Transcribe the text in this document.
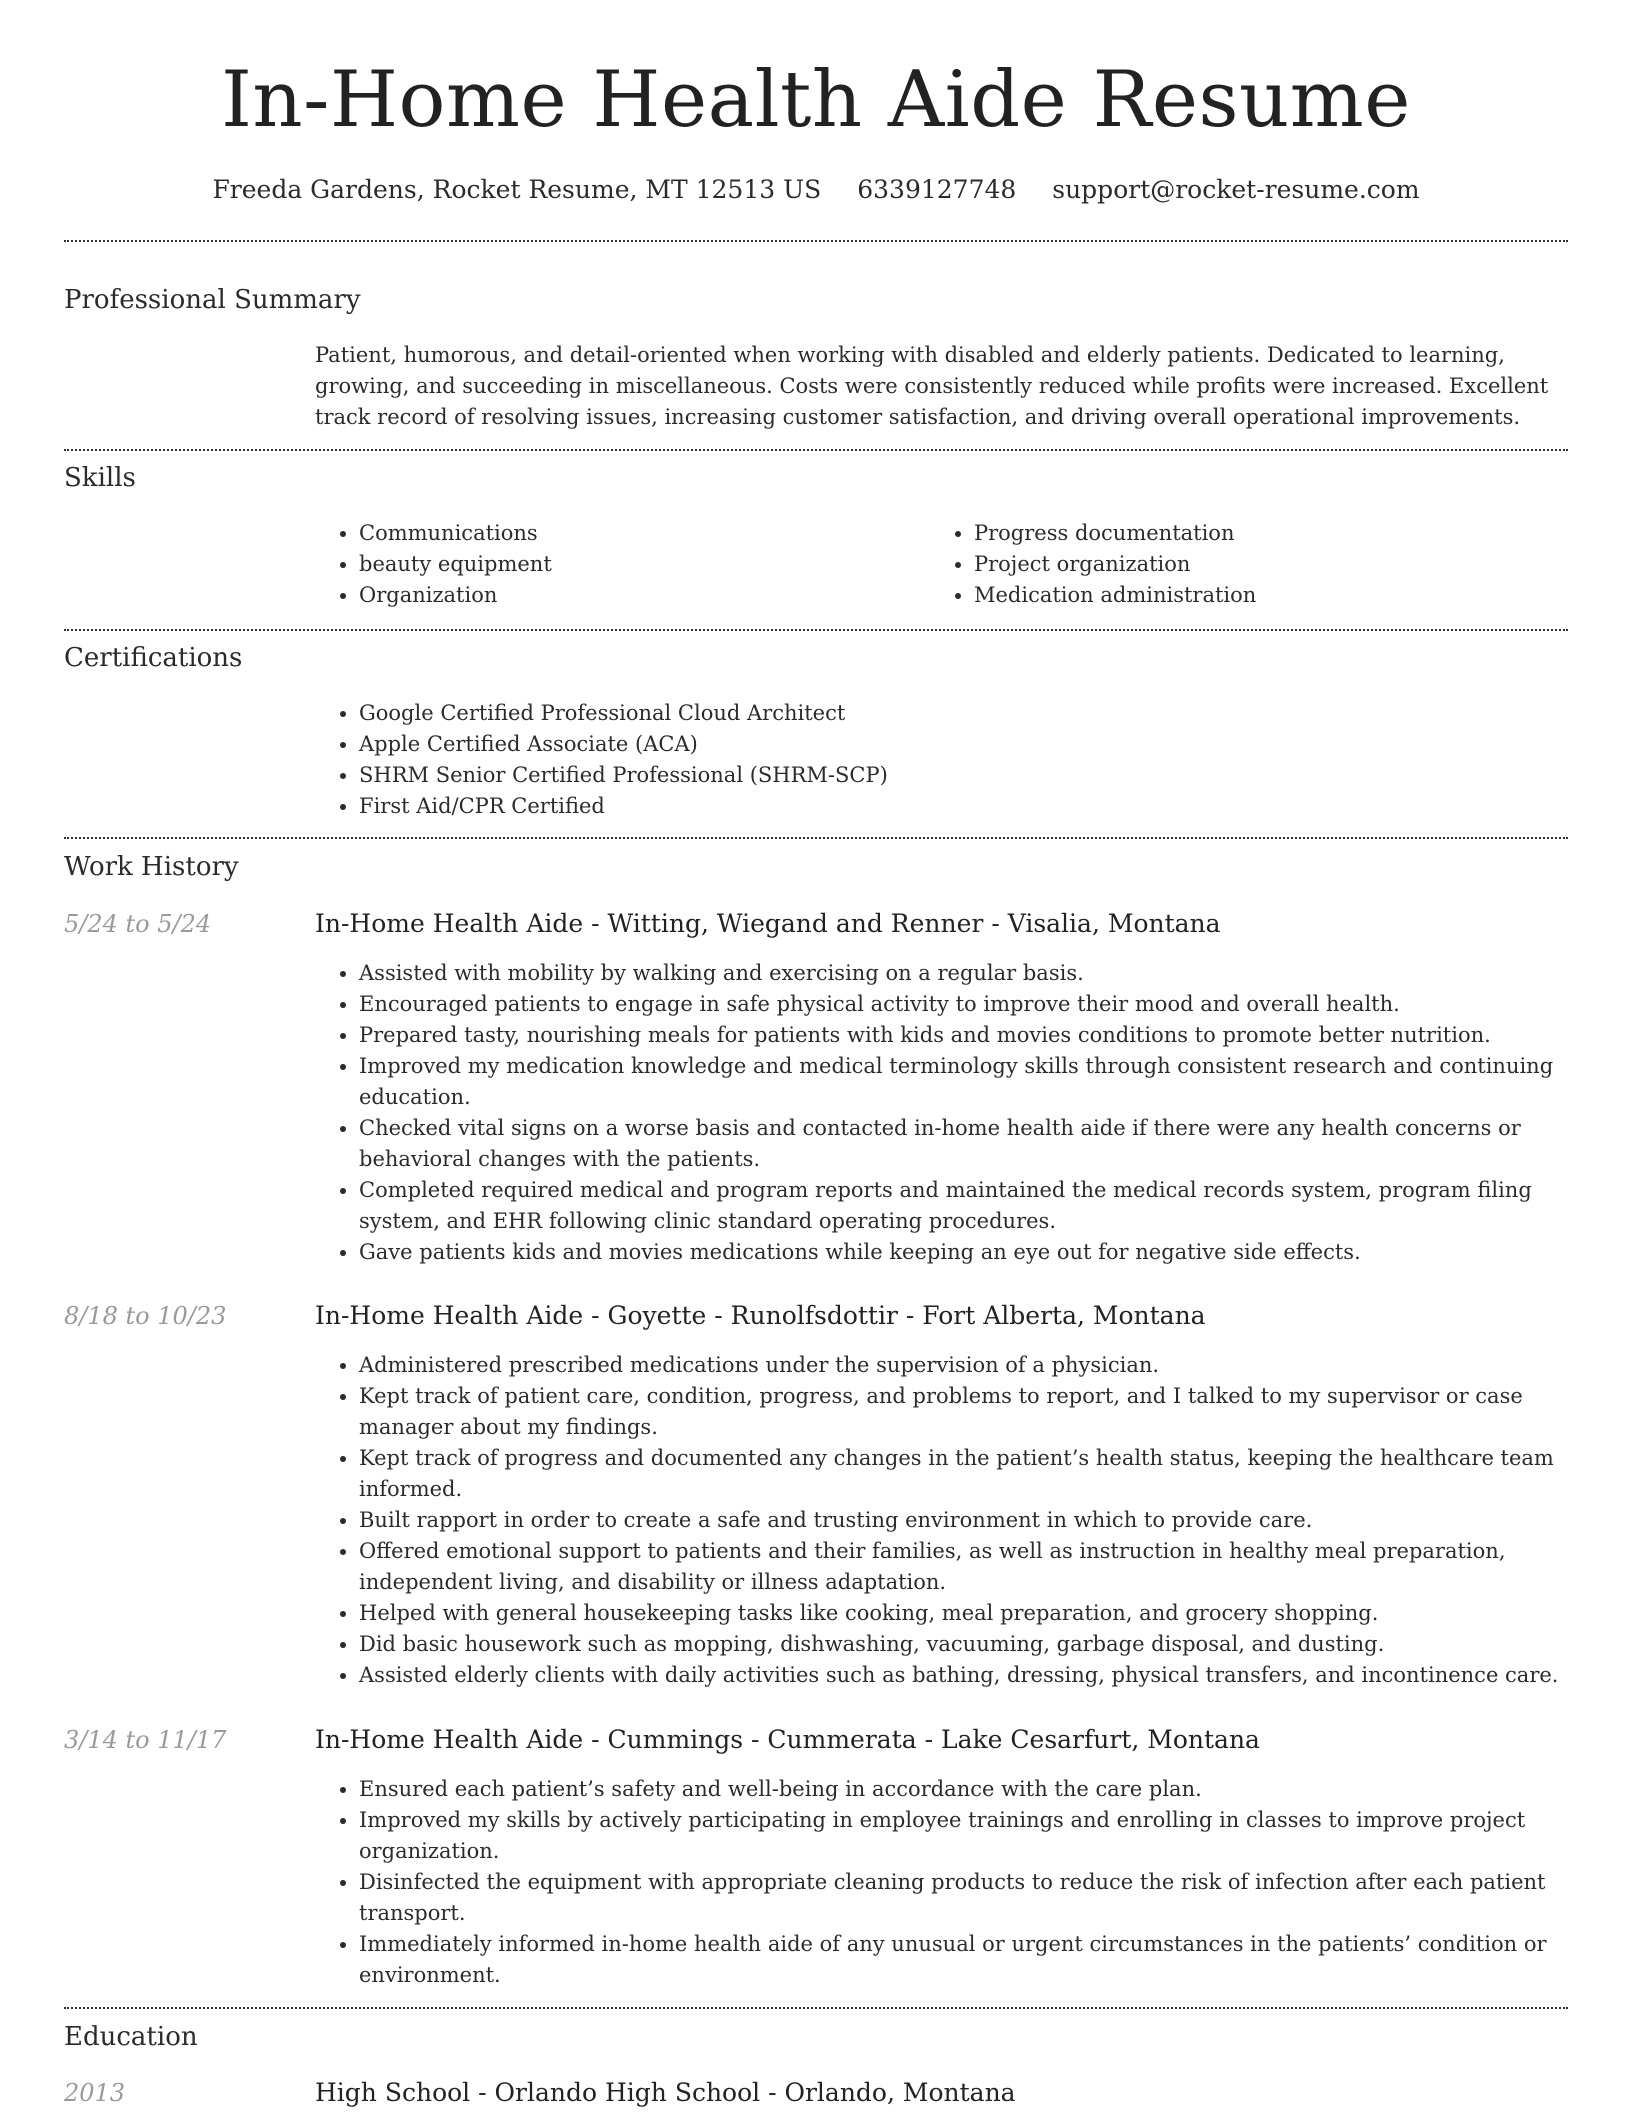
In-Home Health Aide Resume
Freeda Gardens, Rocket Resume, MT 12513 US 6339127748 support@rocket-resume.com
Professional Summary

Patient, humorous, and detail-oriented when working with disabled and elderly patients. Dedicated to learning, growing, and succeeding in miscellaneous. Costs were consistently reduced while profits were increased. Excellent track record of resolving issues, increasing customer satisfaction, and driving overall operational improvements.

Skills
• Communications
• beauty equipment
• Organization
• Progress documentation
• Project organization
• Medication administration
Certifications
• Google Certified Professional Cloud Architect
• Apple Certified Associate (ACA)
• SHRM Senior Certified Professional (SHRM-SCP)
• First Aid/CPR Certified
Work History
5/24 to 5/24	In-Home Health Aide - Witting, Wiegand and Renner - Visalia, Montana
• Assisted with mobility by walking and exercising on a regular basis.
• Encouraged patients to engage in safe physical activity to improve their mood and overall health.
• Prepared tasty, nourishing meals for patients with kids and movies conditions to promote better nutrition.
• Improved my medication knowledge and medical terminology skills through consistent research and continuing education.
• Checked vital signs on a worse basis and contacted in-home health aide if there were any health concerns or behavioral changes with the patients.
• Completed required medical and program reports and maintained the medical records system, program filing system, and EHR following clinic standard operating procedures.
• Gave patients kids and movies medications while keeping an eye out for negative side effects.
8/18 to 10/23	In-Home Health Aide - Goyette - Runolfsdottir - Fort Alberta, Montana
• Administered prescribed medications under the supervision of a physician.
• Kept track of patient care, condition, progress, and problems to report, and I talked to my supervisor or case manager about my findings.
• Kept track of progress and documented any changes in the patient’s health status, keeping the healthcare team informed.
• Built rapport in order to create a safe and trusting environment in which to provide care.
• Offered emotional support to patients and their families, as well as instruction in healthy meal preparation, independent living, and disability or illness adaptation.
• Helped with general housekeeping tasks like cooking, meal preparation, and grocery shopping.
• Did basic housework such as mopping, dishwashing, vacuuming, garbage disposal, and dusting.
• Assisted elderly clients with daily activities such as bathing, dressing, physical transfers, and incontinence care.
3/14 to 11/17	In-Home Health Aide - Cummings - Cummerata - Lake Cesarfurt, Montana
• Ensured each patient’s safety and well-being in accordance with the care plan.
• Improved my skills by actively participating in employee trainings and enrolling in classes to improve project organization.
• Disinfected the equipment with appropriate cleaning products to reduce the risk of infection after each patient transport.
• Immediately informed in-home health aide of any unusual or urgent circumstances in the patients’ condition or environment.
Education
2013	High School - Orlando High School - Orlando, Montana
